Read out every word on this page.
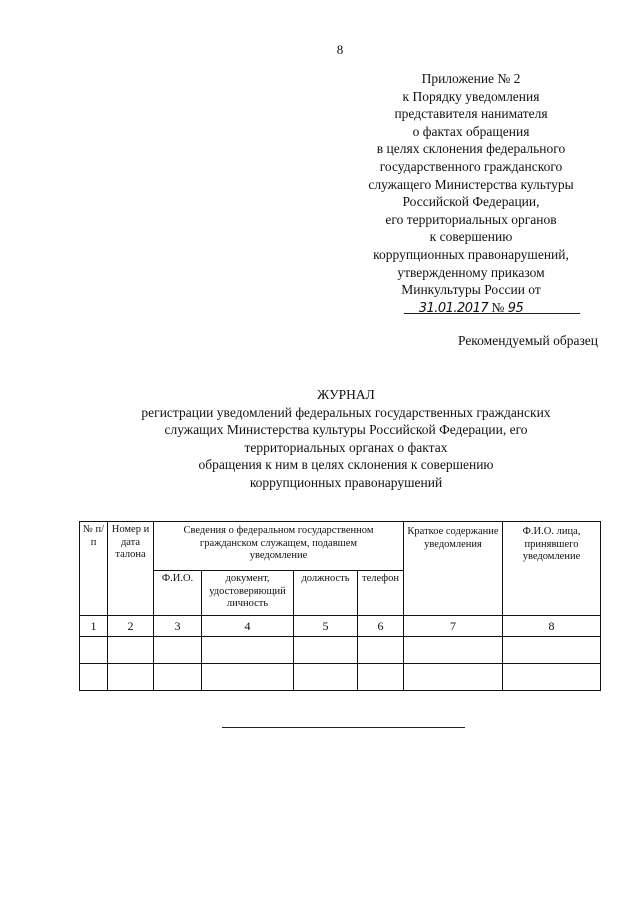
8
Приложение № 2
к Порядку уведомления
представителя нанимателя
о фактах обращения
в целях склонения федерального
государственного гражданского
служащего Министерства культуры
Российской Федерации,
его территориальных органов
к совершению
коррупционных правонарушений,
утвержденному приказом
Минкультуры России от
31.01.2017 № 95
Рекомендуемый образец
ЖУРНАЛ
регистрации уведомлений федеральных государственных гражданских
служащих Министерства культуры Российской Федерации, его
территориальных органах о фактах
обращения к ним в целях склонения к совершению
коррупционных правонарушений
№ п/п	Номер и дата талона	Сведения о федеральном государственном гражданском служащем, подавшем уведомление				Краткое содержание уведомления	Ф.И.О. лица, принявшего уведомление
		Ф.И.О.	документ, удостоверяющий личность	должность	телефон		
1	2	3	4	5	6	7	8
